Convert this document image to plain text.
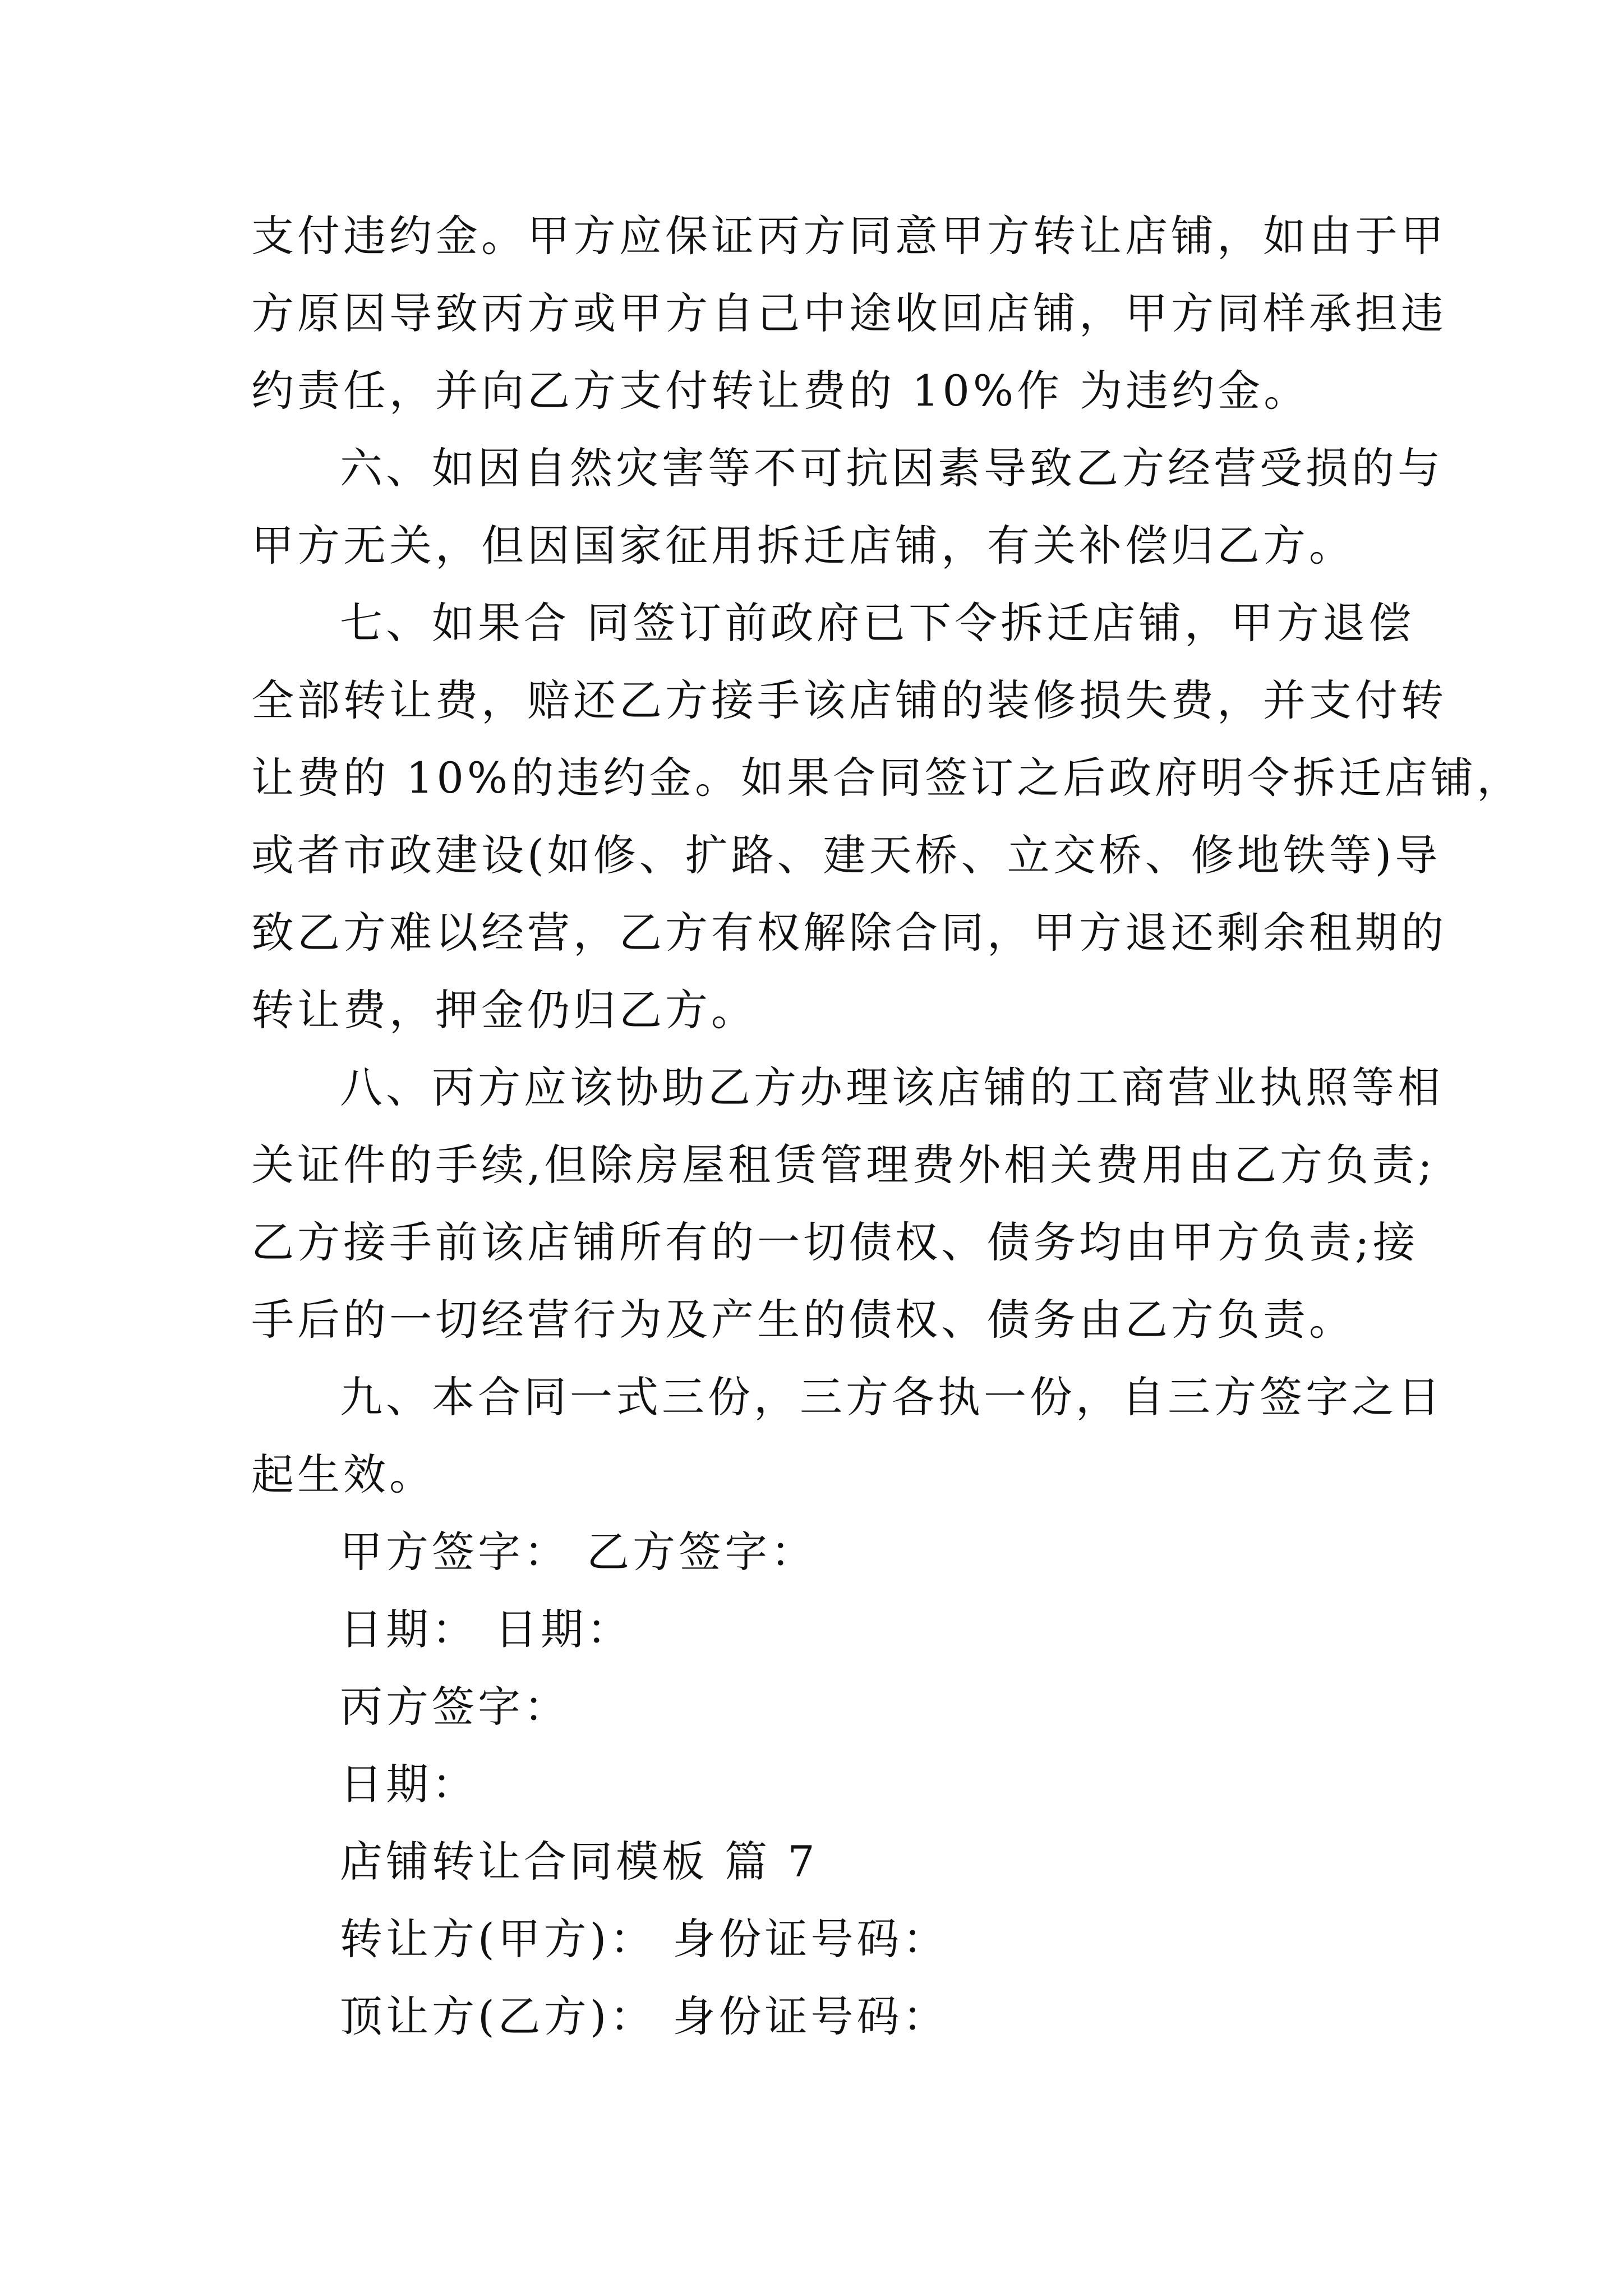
支付违约金。甲方应保证丙方同意甲方转让店铺，如由于甲
方原因导致丙方或甲方自己中途收回店铺，甲方同样承担违
约责任，并向乙方支付转让费的 10%作 为违约金。
六、如因自然灾害等不可抗因素导致乙方经营受损的与
甲方无关，但因国家征用拆迁店铺，有关补偿归乙方。
七、如果合 同签订前政府已下令拆迁店铺，甲方退偿
全部转让费，赔还乙方接手该店铺的装修损失费，并支付转
让费的 10%的违约金。如果合同签订之后政府明令拆迁店铺，
或者市政建设(如修、扩路、建天桥、立交桥、修地铁等)导
致乙方难以经营，乙方有权解除合同，甲方退还剩余租期的
转让费，押金仍归乙方。
八、丙方应该协助乙方办理该店铺的工商营业执照等相
关证件的手续,但除房屋租赁管理费外相关费用由乙方负责;
乙方接手前该店铺所有的一切债权、债务均由甲方负责;接
手后的一切经营行为及产生的债权、债务由乙方负责。
九、本合同一式三份，三方各执一份，自三方签字之日
起生效。
甲方签字： 乙方签字：
日期： 日期：
丙方签字：
日期：
店铺转让合同模板 篇 7
转让方(甲方)： 身份证号码：
顶让方(乙方)： 身份证号码：
